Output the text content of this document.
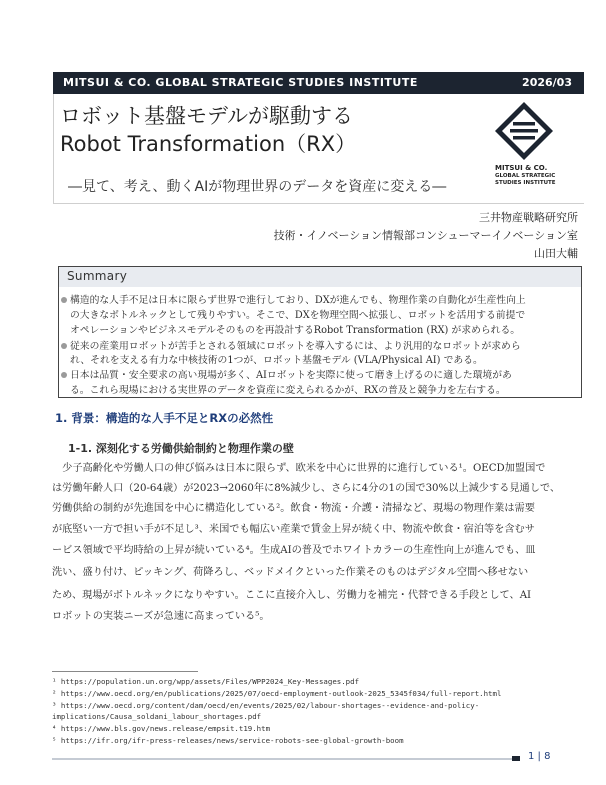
MITSUI & CO. GLOBAL STRATEGIC STUDIES INSTITUTE	2026/03
ロボット基盤モデルが駆動する
Robot Transformation（RX）
―見て、考え、動くAIが物理世界のデータを資産に変える―
MITSUI & CO.
GLOBAL STRATEGIC
STUDIES INSTITUTE
三井物産戦略研究所
技術・イノベーション情報部コンシューマーイノベーション室
山田大輔
Summary
構造的な人手不足は日本に限らず世界で進行しており、DXが進んでも、物理作業の自動化が生産性向上
の大きなボトルネックとして残りやすい。そこで、DXを物理空間へ拡張し、ロボットを活用する前提で
オペレーションやビジネスモデルそのものを再設計するRobot Transformation (RX) が求められる。
従来の産業用ロボットが苦手とされる領域にロボットを導入するには、より汎用的なロボットが求めら
れ、それを支える有力な中核技術の1つが、ロボット基盤モデル (VLA/Physical AI) である。
日本は品質・安全要求の高い現場が多く、AIロボットを実際に使って磨き上げるのに適した環境があ
る。これら現場における実世界のデータを資産に変えられるかが、RXの普及と競争力を左右する。
1. 背景：構造的な人手不足とRXの必然性
1-1. 深刻化する労働供給制約と物理作業の壁
　少子高齢化や労働人口の伸び悩みは日本に限らず、欧米を中心に世界的に進行している¹。OECD加盟国で
は労働年齢人口（20-64歳）が2023→2060年に8%減少し、さらに4分の1の国で30%以上減少する見通しで、
労働供給の制約が先進国を中心に構造化している²。飲食・物流・介護・清掃など、現場の物理作業は需要
が底堅い一方で担い手が不足し³、米国でも幅広い産業で賃金上昇が続く中、物流や飲食・宿泊等を含むサ
ービス領域で平均時給の上昇が続いている⁴。生成AIの普及でホワイトカラーの生産性向上が進んでも、皿
洗い、盛り付け、ピッキング、荷降ろし、ベッドメイクといった作業そのものはデジタル空間へ移せない
ため、現場がボトルネックになりやすい。ここに直接介入し、労働力を補完・代替できる手段として、AI
ロボットの実装ニーズが急速に高まっている⁵。
¹ https://population.un.org/wpp/assets/Files/WPP2024_Key-Messages.pdf
² https://www.oecd.org/en/publications/2025/07/oecd-employment-outlook-2025_5345f034/full-report.html
³ https://www.oecd.org/content/dam/oecd/en/events/2025/02/labour-shortages--evidence-and-policy-
implications/Causa_soldani_labour_shortages.pdf
⁴ https://www.bls.gov/news.release/empsit.t19.htm
⁵ https://ifr.org/ifr-press-releases/news/service-robots-see-global-growth-boom
1 | 8
